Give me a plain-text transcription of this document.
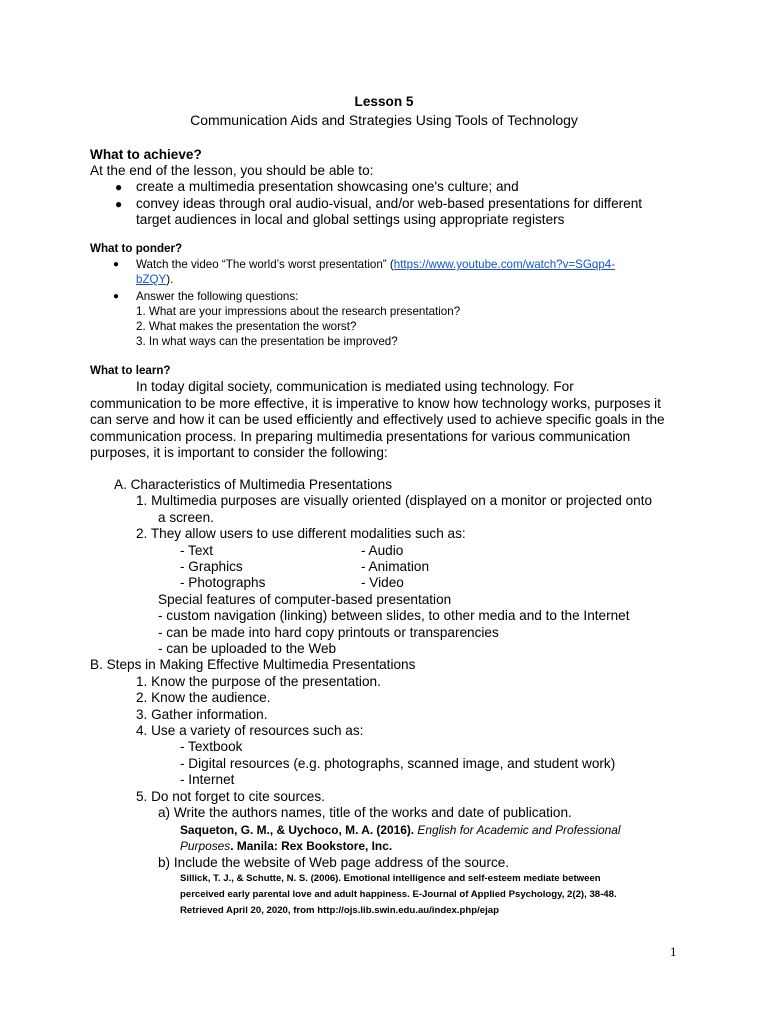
Lesson 5
Communication Aids and Strategies Using Tools of Technology
What to achieve?
At the end of the lesson, you should be able to:
● create a multimedia presentation showcasing one's culture; and
● convey ideas through oral audio-visual, and/or web-based presentations for different
target audiences in local and global settings using appropriate registers
What to ponder?
● Watch the video “The world’s worst presentation” (https://www.youtube.com/watch?v=SGqp4-
bZQY).
● Answer the following questions:
1. What are your impressions about the research presentation?
2. What makes the presentation the worst?
3. In what ways can the presentation be improved?
What to learn?
In today digital society, communication is mediated using technology. For
communication to be more effective, it is imperative to know how technology works, purposes it
can serve and how it can be used efficiently and effectively used to achieve specific goals in the
communication process. In preparing multimedia presentations for various communication
purposes, it is important to consider the following:
A. Characteristics of Multimedia Presentations
1. Multimedia purposes are visually oriented (displayed on a monitor or projected onto
a screen.
2. They allow users to use different modalities such as:
- Text	- Audio
- Graphics	- Animation
- Photographs	- Video
Special features of computer-based presentation
- custom navigation (linking) between slides, to other media and to the Internet
- can be made into hard copy printouts or transparencies
- can be uploaded to the Web
B. Steps in Making Effective Multimedia Presentations
1. Know the purpose of the presentation.
2. Know the audience.
3. Gather information.
4. Use a variety of resources such as:
- Textbook
- Digital resources (e.g. photographs, scanned image, and student work)
- Internet
5. Do not forget to cite sources.
a) Write the authors names, title of the works and date of publication.
Saqueton, G. M., & Uychoco, M. A. (2016). English for Academic and Professional
Purposes. Manila: Rex Bookstore, Inc.
b) Include the website of Web page address of the source.
Sillick, T. J., & Schutte, N. S. (2006). Emotional intelligence and self-esteem mediate between
perceived early parental love and adult happiness. E-Journal of Applied Psychology, 2(2), 38-48.
Retrieved April 20, 2020, from http://ojs.lib.swin.edu.au/index.php/ejap
1
